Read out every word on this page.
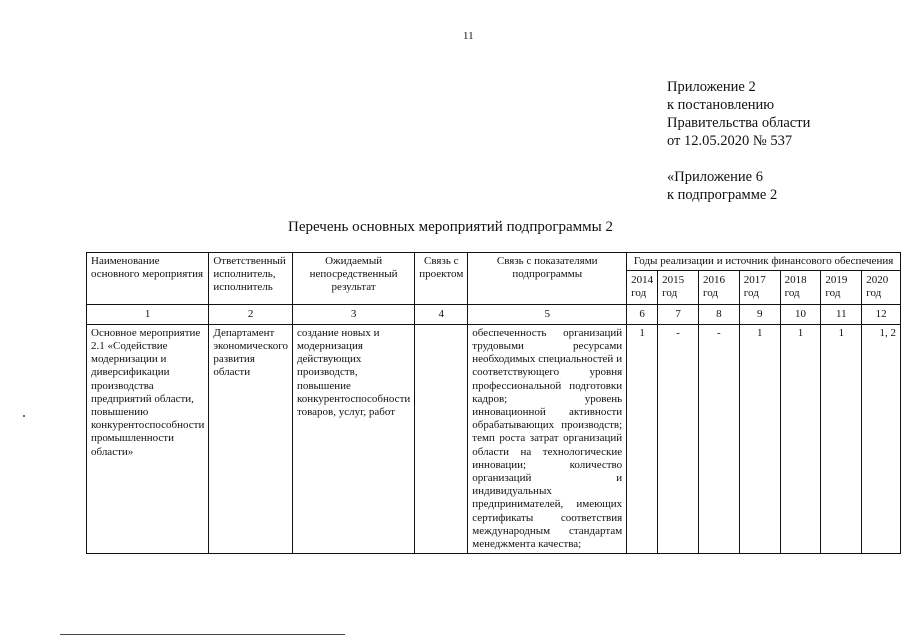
11
Приложение 2
к постановлению
Правительства области
от 12.05.2020 № 537
«Приложение 6
к подпрограмме 2
Перечень основных мероприятий подпрограммы 2
Наименование основного мероприятия	Ответственный исполнитель, исполнитель	Ожидаемый непосредственный результат	Связь с проектом	Связь с показателями подпрограммы	Годы реализации и источник финансового обеспечения						
					2014 год	2015 год	2016 год	2017 год	2018 год	2019 год	2020 год
1	2	3	4	5	6	7	8	9	10	11	12
Основное мероприятие 2.1 «Содействие модернизации и диверсификации производства предприятий области, повышению конкурентоспособности промышленности области»	Департамент экономического развития области	создание новых и модернизация действующих производств, повышение конкурентоспособности товаров, услуг, работ		обеспеченность организаций трудовыми ресурсами необходимых специальностей и соответствующего уровня профессиональной подготовки кадров; уровень инновационной активности обрабатывающих производств; темп роста затрат организаций области на технологические инновации; количество организаций и индивидуальных предпринимателей, имеющих сертификаты соответствия международным стандартам менеджмента качества;	1	-	-	1	1	1	1, 2
